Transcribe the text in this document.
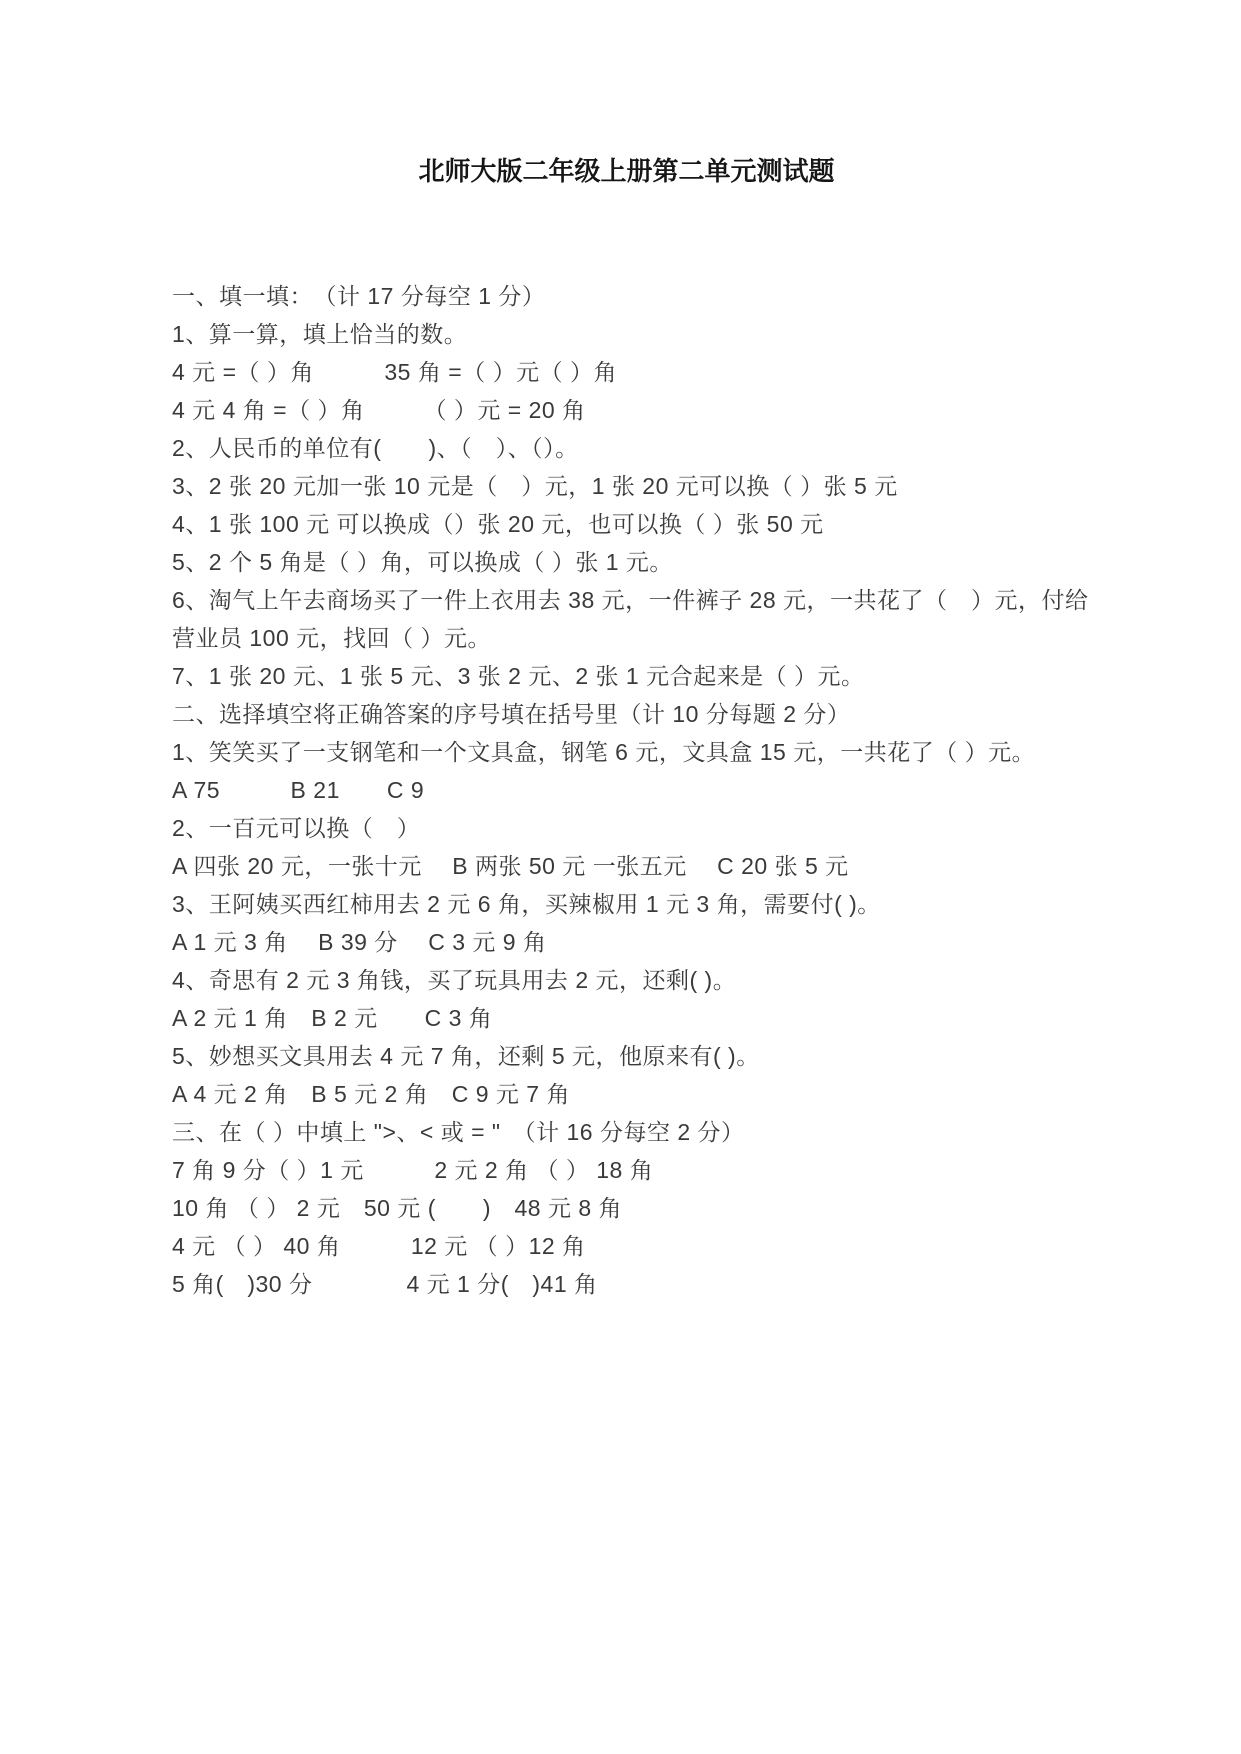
北师大版二年级上册第二单元测试题
一、填一填：　（计 17 分每空 1 分）
1、算一算，填上恰当的数。
4 元 =（ ）角　　　35 角 =（ ）元（ ）角
4 元 4 角 =（ ）角　　　（ ）元 = 20 角
2、人民币的单位有(　　)、（　）、（）。
3、2 张 20 元加一张 10 元是（　）元，1 张 20 元可以换（ ）张 5 元
4、1 张 100 元 可以换成（）张 20 元，也可以换（ ）张 50 元
5、2 个 5 角是（ ）角，可以换成（ ）张 1 元。
6、淘气上午去商场买了一件上衣用去 38 元，一件裤子 28 元，一共花了（　）元，付给
营业员 100 元，找回（ ）元。
7、1 张 20 元、1 张 5 元、3 张 2 元、2 张 1 元合起来是（ ）元。
二、选择填空将正确答案的序号填在括号里（计 10 分每题 2 分）
1、笑笑买了一支钢笔和一个文具盒，钢笔 6 元，文具盒 15 元，一共花了（ ）元。
A 75　　　B 21　　C 9
2、一百元可以换（　）
A 四张 20 元，一张十元　 B 两张 50 元 一张五元　 C 20 张 5 元
3、王阿姨买西红柿用去 2 元 6 角，买辣椒用 1 元 3 角，需要付( )。
A 1 元 3 角　 B 39 分　 C 3 元 9 角
4、奇思有 2 元 3 角钱，买了玩具用去 2 元，还剩( )。
A 2 元 1 角　B 2 元　　C 3 角
5、妙想买文具用去 4 元 7 角，还剩 5 元，他原来有( )。
A 4 元 2 角　B 5 元 2 角　C 9 元 7 角
三、在（ ）中填上 ">、< 或 = "　（计 16 分每空 2 分）
7 角 9 分（ ）1 元　　　2 元 2 角 （ ） 18 角
10 角 （ ） 2 元　50 元 (　　)　48 元 8 角
4 元 （ ） 40 角　　　12 元 （ ）12 角
5 角(　)30 分　　　　4 元 1 分(　)41 角
